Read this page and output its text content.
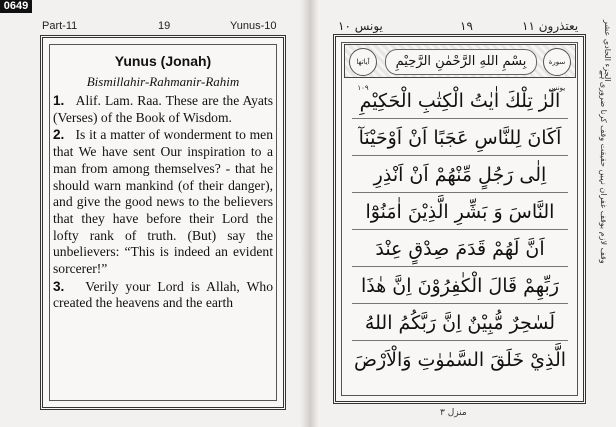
0649
Part-11	19	Yunus-10
Yunus (Jonah)
Bismillahir-Rahmanir-Rahim

1. Alif. Lam. Raa. These are the Ayats (Verses) of the Book of Wisdom.

2. Is it a matter of wonderment to men that We have sent Our inspiration to a man from among themselves? - that he should warn mankind (of their danger), and give the good news to the believers that they have before their Lord the lofty rank of truth. (But) say the unbelievers: “This is indeed an evident sorcerer!”

3. Verily your Lord is Allah, Who created the heavens and the earth

يونس ١٠	١٩	يعتذرون ١١
سورة يونس
بِسْمِ اللهِ الرَّحْمٰنِ الرَّحِيْمِ
آياتها ١٠٩
الٓرٰ تِلْكَ اٰيٰتُ الْكِتٰبِ الْحَكِيْمِ
اَكَانَ لِلنَّاسِ عَجَبًا اَنْ اَوْحَيْنَآ
اِلٰى رَجُلٍ مِّنْهُمْ اَنْ اَنْذِرِ
النَّاسَ وَ بَشِّرِ الَّذِيْنَ اٰمَنُوْٓا
اَنَّ لَهُمْ قَدَمَ صِدْقٍ عِنْدَ
رَبِّهِمْ قَالَ الْكٰفِرُوْنَ اِنَّ هٰذَا
لَسٰحِرٌ مُّبِيْنٌ اِنَّ رَبَّكُمُ اللهُ
الَّذِيْ خَلَقَ السَّمٰوٰتِ وَالْاَرْضَ
الجزء الحادي عشر
وقف لازم بوقف غفران نہیں حقیقت وقف کرنا ضروری ہے
منزل ٣
